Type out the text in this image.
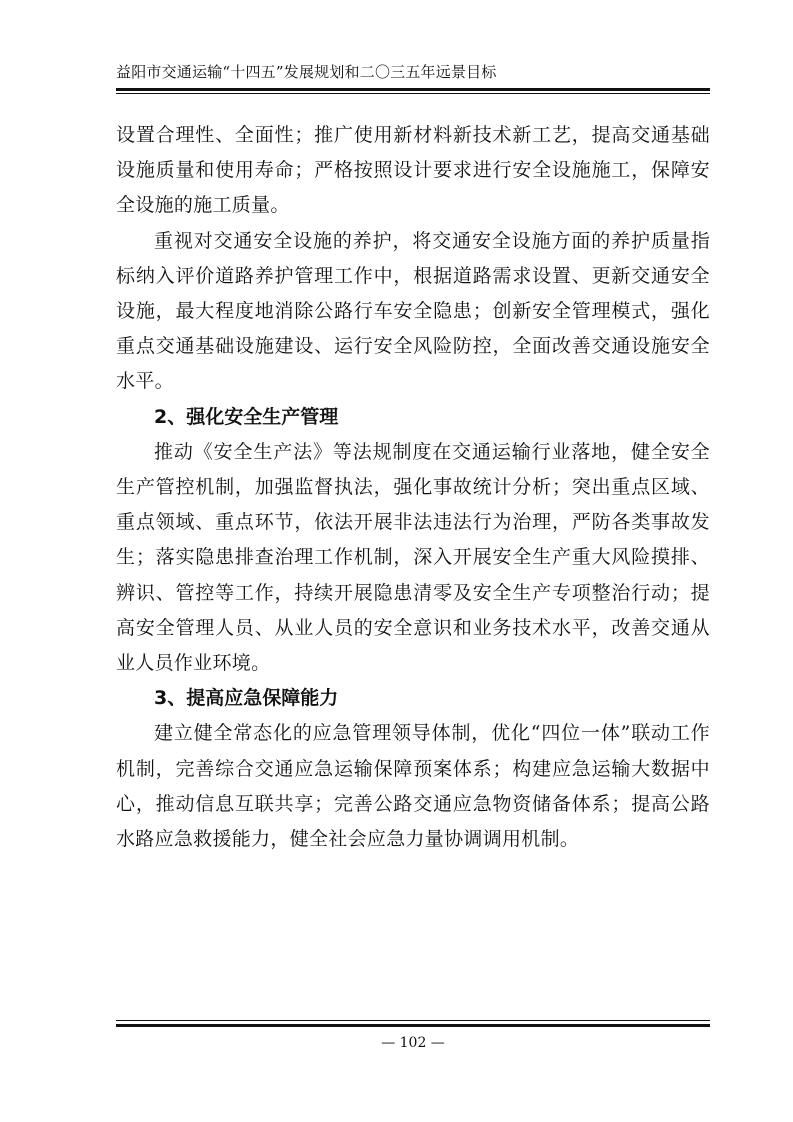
益阳市交通运输“十四五”发展规划和二〇三五年远景目标

设置合理性、全面性；推广使用新材料新技术新工艺，提高交通基础设施质量和使用寿命；严格按照设计要求进行安全设施施工，保障安全设施的施工质量。

重视对交通安全设施的养护，将交通安全设施方面的养护质量指标纳入评价道路养护管理工作中，根据道路需求设置、更新交通安全设施，最大程度地消除公路行车安全隐患；创新安全管理模式，强化重点交通基础设施建设、运行安全风险防控，全面改善交通设施安全水平。

2、强化安全生产管理

推动《安全生产法》等法规制度在交通运输行业落地，健全安全生产管控机制，加强监督执法，强化事故统计分析；突出重点区域、重点领域、重点环节，依法开展非法违法行为治理，严防各类事故发生；落实隐患排查治理工作机制，深入开展安全生产重大风险摸排、辨识、管控等工作，持续开展隐患清零及安全生产专项整治行动；提高安全管理人员、从业人员的安全意识和业务技术水平，改善交通从业人员作业环境。

3、提高应急保障能力

建立健全常态化的应急管理领导体制，优化“四位一体”联动工作机制，完善综合交通应急运输保障预案体系；构建应急运输大数据中心，推动信息互联共享；完善公路交通应急物资储备体系；提高公路水路应急救援能力，健全社会应急力量协调调用机制。

— 102 —
